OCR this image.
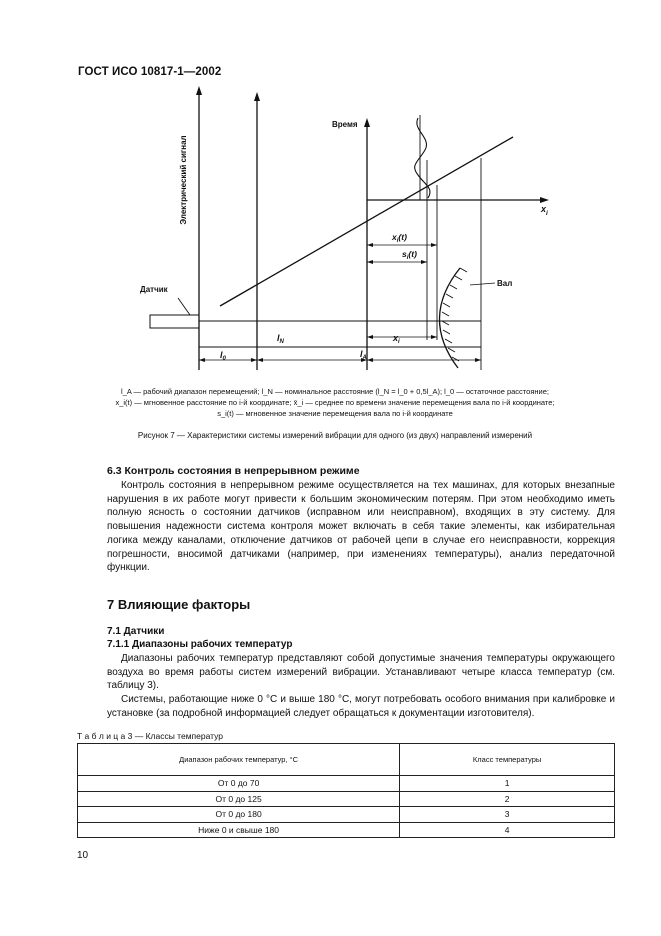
ГОСТ ИСО 10817-1—2002
Электрический сигнал
Время
$x_i$
Датчик
Вал
$x_i(t)$
$s_i(t)$
$l_0$
$l_N$
$l_A$
$x_i$
l_A — рабочий диапазон перемещений; l_N — номинальное расстояние (l_N = l_0 + 0,5l_A); l_0 — остаточное расстояние;
x_i(t) — мгновенное расстояние по i-й координате; x̄_i — среднее по времени значение перемещения вала по i-й координате;
s_i(t) — мгновенное значение перемещения вала по i-й координате
Рисунок 7 — Характеристики системы измерений вибрации для одного (из двух) направлений измерений
6.3 Контроль состояния в непрерывном режиме

Контроль состояния в непрерывном режиме осуществляется на тех машинах, для которых внезапные нарушения в их работе могут привести к большим экономическим потерям. При этом необходимо иметь полную ясность о состоянии датчиков (исправном или неисправном), входящих в эту систему. Для повышения надежности система контроля может включать в себя такие элементы, как избирательная логика между каналами, отключение датчиков от рабочей цепи в случае его неисправности, коррекция погрешности, вносимой датчиками (например, при изменениях температуры), анализ передаточной функции.

7 Влияющие факторы
7.1 Датчики
7.1.1 Диапазоны рабочих температур

Диапазоны рабочих температур представляют собой допустимые значения температуры окружающего воздуха во время работы систем измерений вибрации. Устанавливают четыре класса температур (см. таблицу 3).

Системы, работающие ниже 0 °C и выше 180 °C, могут потребовать особого внимания при калибровке и установке (за подробной информацией следует обращаться к документации изготовителя).

Т а б л и ц а 3 — Классы температур
Диапазон рабочих температур, °C	Класс температуры
От 0 до 70	1
От 0 до 125	2
От 0 до 180	3
Ниже 0 и свыше 180	4
10
